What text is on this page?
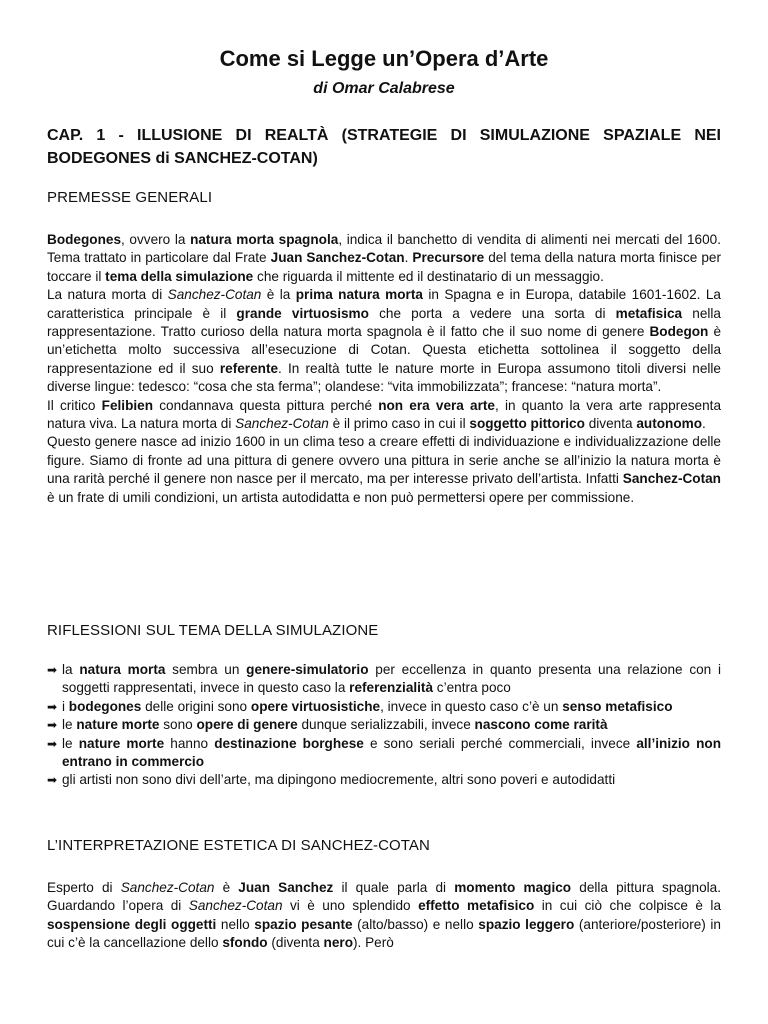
Come si Legge un’Opera d’Arte
di Omar Calabrese
CAP. 1 - ILLUSIONE DI REALTÀ (STRATEGIE DI SIMULAZIONE SPAZIALE NEI BODEGONES di SANCHEZ-COTAN)
PREMESSE GENERALI

Bodegones, ovvero la natura morta spagnola, indica il banchetto di vendita di alimenti nei mercati del 1600. Tema trattato in particolare dal Frate Juan Sanchez-Cotan. Precursore del tema della natura morta finisce per toccare il tema della simulazione che riguarda il mittente ed il destinatario di un messaggio.

La natura morta di Sanchez-Cotan è la prima natura morta in Spagna e in Europa, databile 1601-1602. La caratteristica principale è il grande virtuosismo che porta a vedere una sorta di metafisica nella rappresentazione. Tratto curioso della natura morta spagnola è il fatto che il suo nome di genere Bodegon è un’etichetta molto successiva all’esecuzione di Cotan. Questa etichetta sottolinea il soggetto della rappresentazione ed il suo referente. In realtà tutte le nature morte in Europa assumono titoli diversi nelle diverse lingue: tedesco: “cosa che sta ferma”; olandese: “vita immobilizzata”; francese: “natura morta”.

Il critico Felibien condannava questa pittura perché non era vera arte, in quanto la vera arte rappresenta natura viva. La natura morta di Sanchez-Cotan è il primo caso in cui il soggetto pittorico diventa autonomo.

Questo genere nasce ad inizio 1600 in un clima teso a creare effetti di individuazione e individualizzazione delle figure. Siamo di fronte ad una pittura di genere ovvero una pittura in serie anche se all’inizio la natura morta è una rarità perché il genere non nasce per il mercato, ma per interesse privato dell’artista. Infatti Sanchez-Cotan è un frate di umili condizioni, un artista autodidatta e non può permettersi opere per commissione.

RIFLESSIONI SUL TEMA DELLA SIMULAZIONE
➡ la natura morta sembra un genere-simulatorio per eccellenza in quanto presenta una relazione con i soggetti rappresentati, invece in questo caso la referenzialità c’entra poco
➡ i bodegones delle origini sono opere virtuosistiche, invece in questo caso c’è un senso metafisico
➡ le nature morte sono opere di genere dunque serializzabili, invece nascono come rarità
➡ le nature morte hanno destinazione borghese e sono seriali perché commerciali, invece all’inizio non entrano in commercio
➡ gli artisti non sono divi dell’arte, ma dipingono mediocremente, altri sono poveri e autodidatti
L’INTERPRETAZIONE ESTETICA DI SANCHEZ-COTAN

Esperto di Sanchez-Cotan è Juan Sanchez il quale parla di momento magico della pittura spagnola. Guardando l’opera di Sanchez-Cotan vi è uno splendido effetto metafisico in cui ciò che colpisce è la sospensione degli oggetti nello spazio pesante (alto/basso) e nello spazio leggero (anteriore/posteriore) in cui c’è la cancellazione dello sfondo (diventa nero). Però
